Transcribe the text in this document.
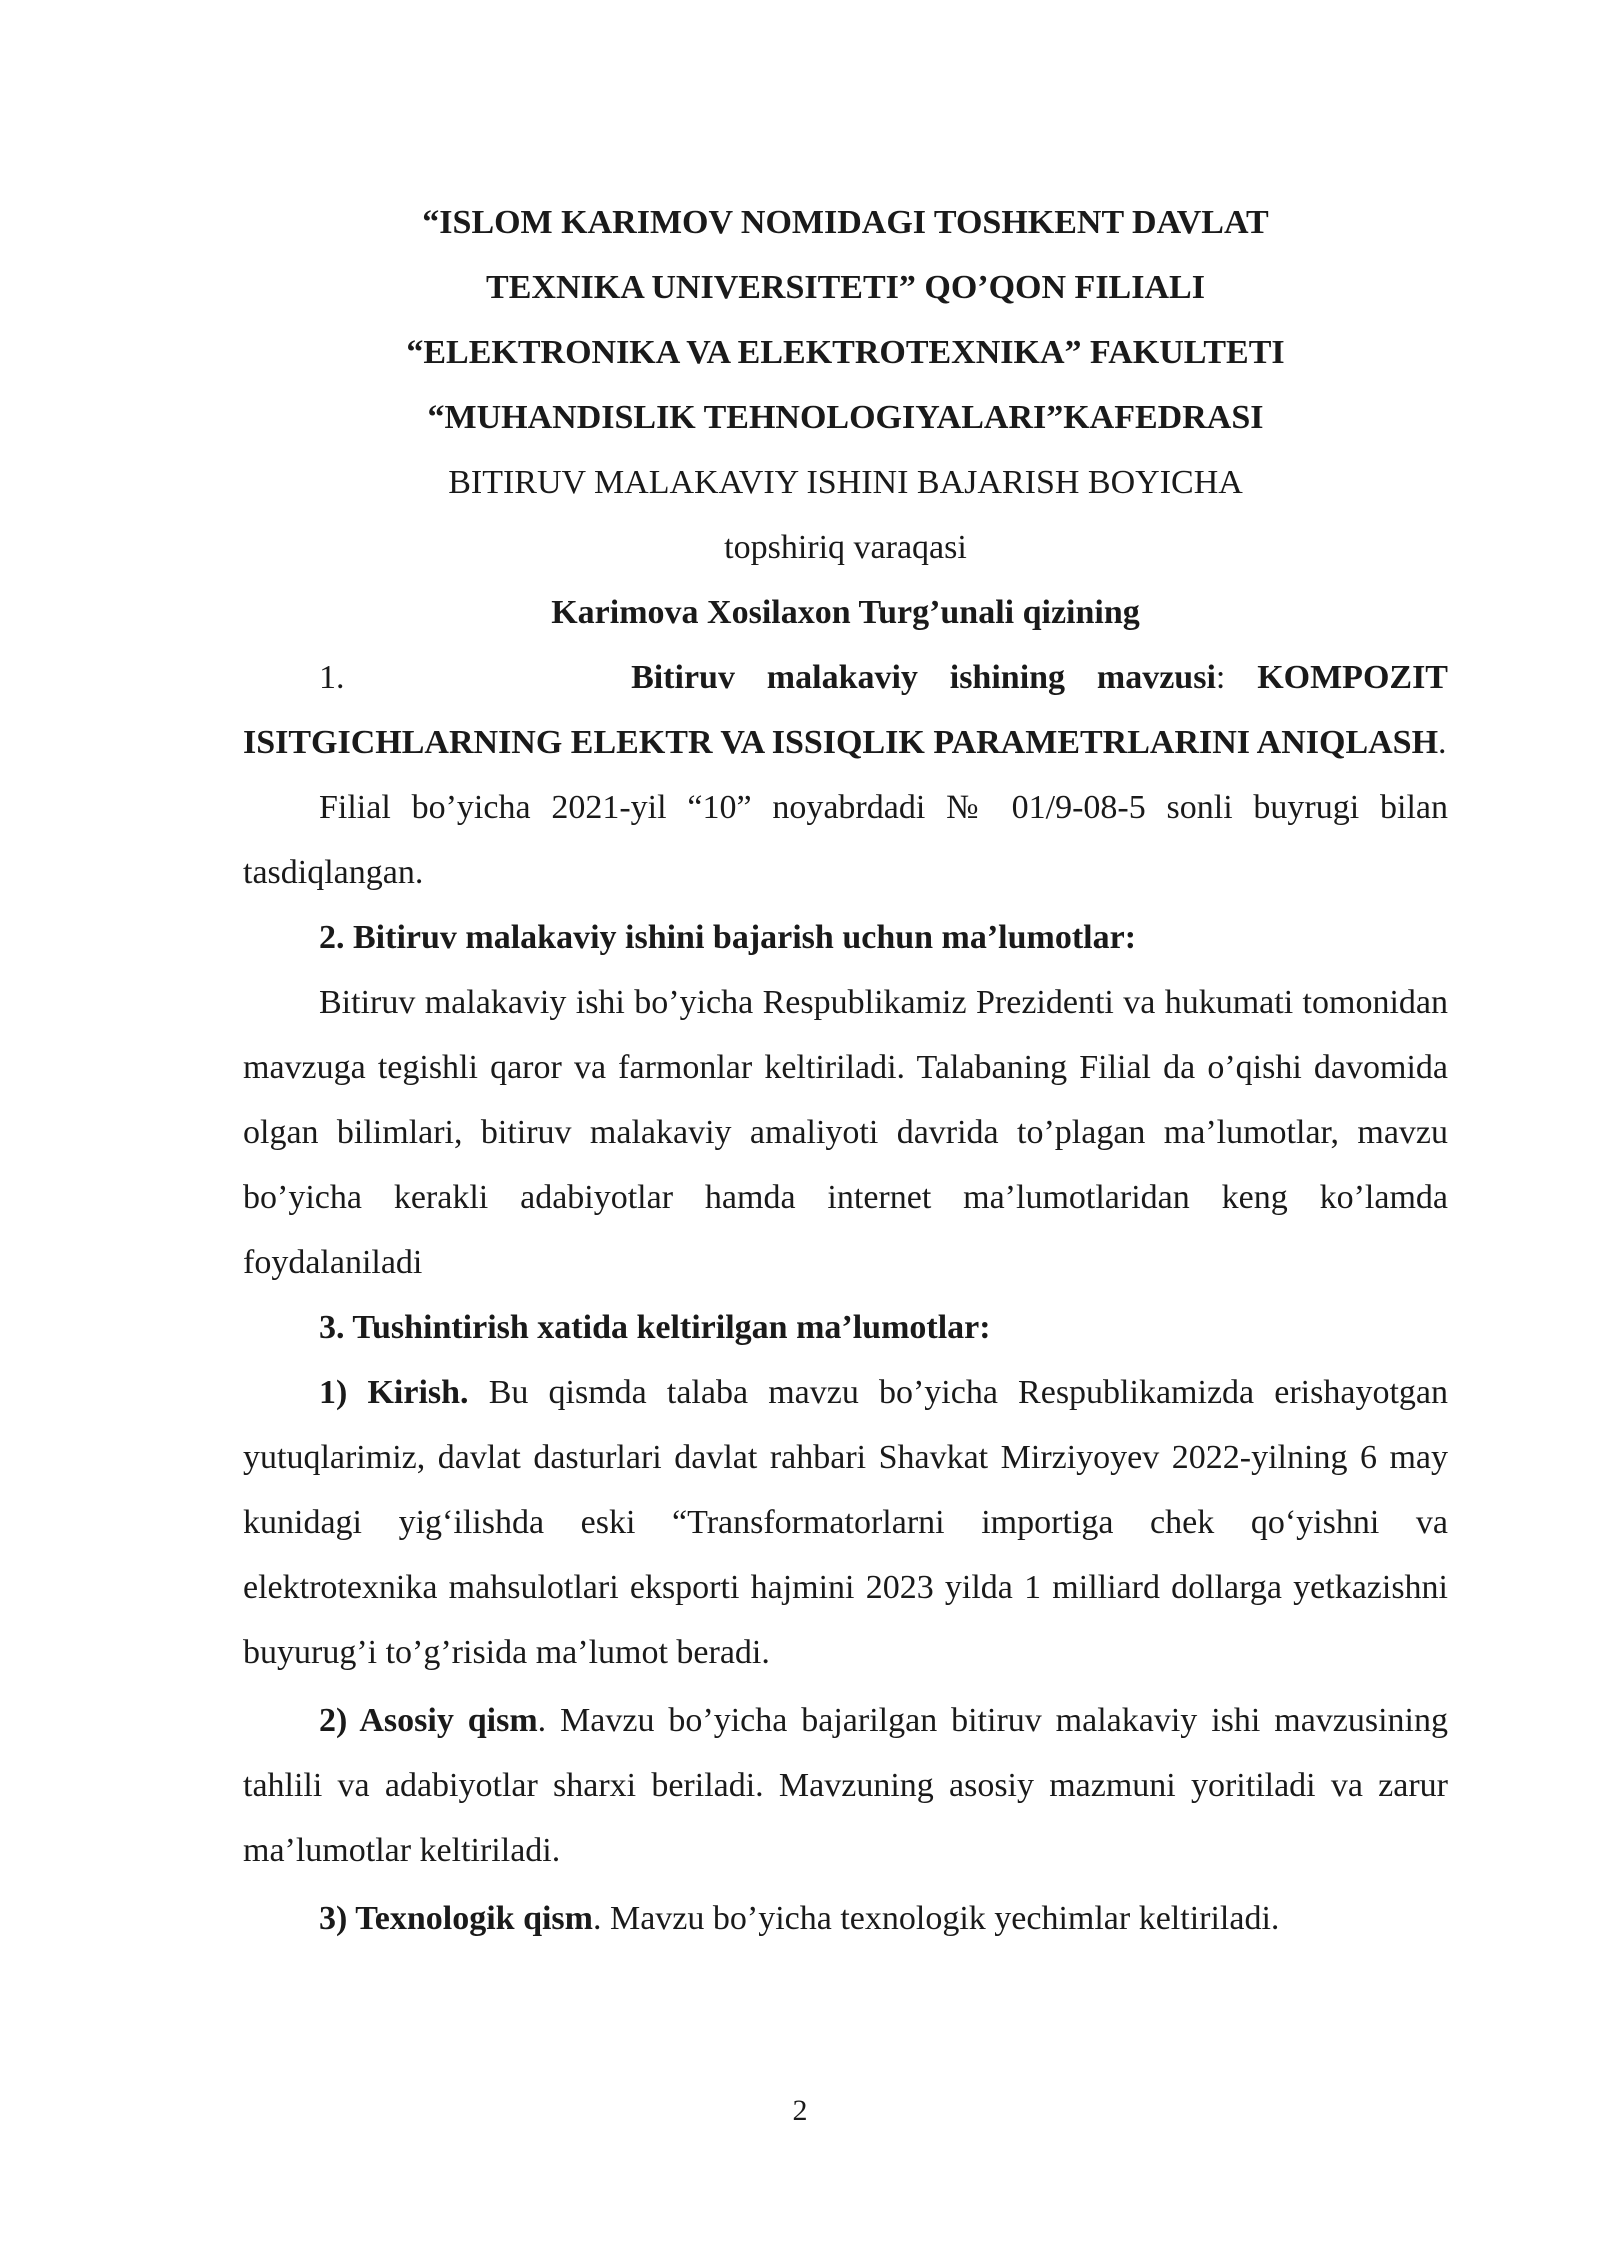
“ISLOM KARIMOV NOMIDAGI TOSHKENT DAVLAT
TEXNIKA UNIVERSITETI” QO’QON FILIALI
“ELEKTRONIKA VA ELEKTROTEXNIKA” FAKULTETI
“MUHANDISLIK TEHNOLOGIYALARI”KAFEDRASI
BITIRUV MALAKAVIY ISHINI BAJARISH BOYICHA
topshiriq varaqasi
Karimova Xosilaxon Turg’unali qizining

1.	Bitiruv malakaviy ishining mavzusi: KOMPOZIT ISITGICHLARNING ELEKTR VA ISSIQLIK PARAMETRLARINI ANIQLASH.

Filial bo’yicha 2021-yil “10” noyabrdadi № 01/9-08-5 sonli buyrugi bilan tasdiqlangan.

2. Bitiruv malakaviy ishini bajarish uchun ma’lumotlar:

Bitiruv malakaviy ishi bo’yicha Respublikamiz Prezidenti va hukumati tomonidan mavzuga tegishli qaror va farmonlar keltiriladi. Talabaning Filial da o’qishi davomida olgan bilimlari, bitiruv malakaviy amaliyoti davrida to’plagan ma’lumotlar, mavzu bo’yicha kerakli adabiyotlar hamda internet ma’lumotlaridan keng ko’lamda foydalaniladi

3. Tushintirish xatida keltirilgan ma’lumotlar:

1) Kirish. Bu qismda talaba mavzu bo’yicha Respublikamizda erishayotgan yutuqlarimiz, davlat dasturlari davlat rahbari Shavkat Mirziyoyev 2022-yilning 6 may kunidagi yig‘ilishda eski “Transformatorlarni importiga chek qo‘yishni va elektrotexnika mahsulotlari eksporti hajmini 2023 yilda 1 milliard dollarga yetkazishni buyurug’i to’g’risida ma’lumot beradi.

2) Asosiy qism. Mavzu bo’yicha bajarilgan bitiruv malakaviy ishi mavzusining tahlili va adabiyotlar sharxi beriladi. Mavzuning asosiy mazmuni yoritiladi va zarur ma’lumotlar keltiriladi.

3) Texnologik qism. Mavzu bo’yicha texnologik yechimlar keltiriladi.

2
